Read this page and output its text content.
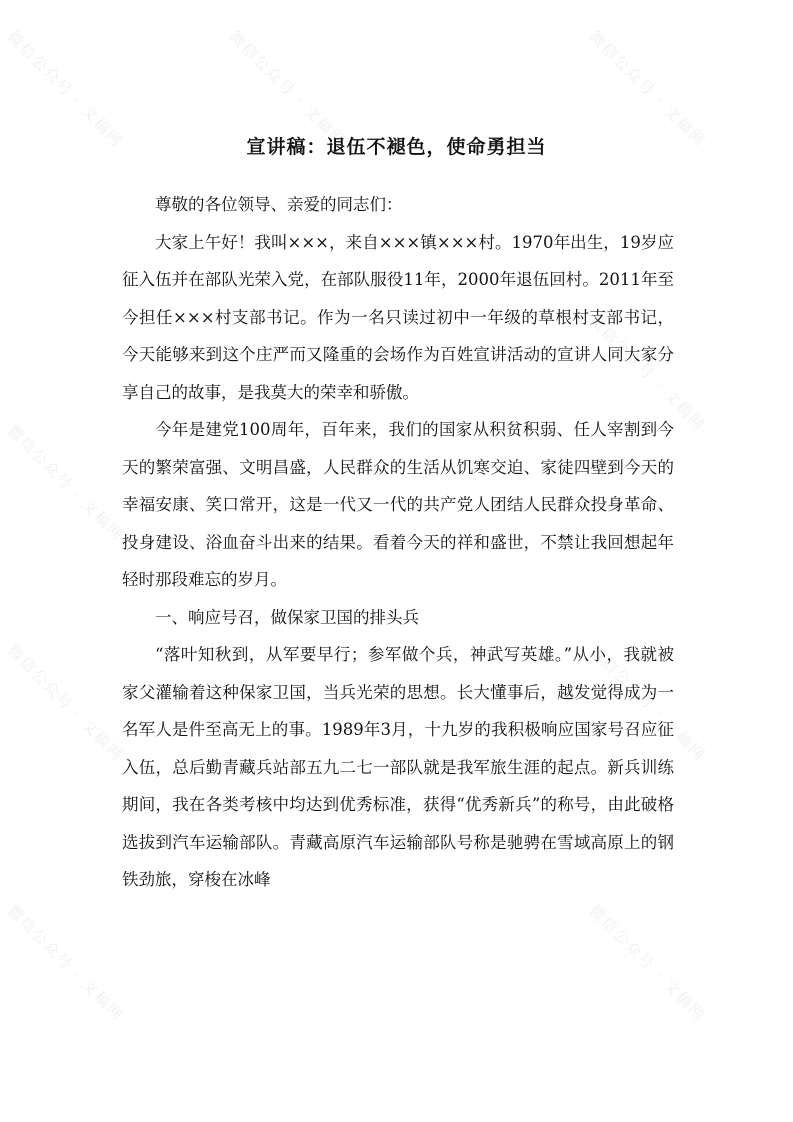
微信公众号 · 文稿网	微信公众号 · 文稿网	微信公众号 · 文稿网
微信公众号 · 文稿网
微信公众号 · 文稿网
微信公众号 · 文稿网	微信公众号 · 文稿网
微信公众号 · 文稿网	微信公众号 · 文稿网
宣讲稿：退伍不褪色，使命勇担当

尊敬的各位领导、亲爱的同志们：

大家上午好！我叫×××，来自×××镇×××村。1970年出生，19岁应征入伍并在部队光荣入党，在部队服役11年，2000年退伍回村。2011年至今担任×××村支部书记。作为一名只读过初中一年级的草根村支部书记，今天能够来到这个庄严而又隆重的会场作为百姓宣讲活动的宣讲人同大家分享自己的故事，是我莫大的荣幸和骄傲。

今年是建党100周年，百年来，我们的国家从积贫积弱、任人宰割到今天的繁荣富强、文明昌盛，人民群众的生活从饥寒交迫、家徒四壁到今天的幸福安康、笑口常开，这是一代又一代的共产党人团结人民群众投身革命、投身建设、浴血奋斗出来的结果。看着今天的祥和盛世，不禁让我回想起年轻时那段难忘的岁月。

一、响应号召，做保家卫国的排头兵

“落叶知秋到，从军要早行；参军做个兵，神武写英雄。”从小，我就被家父灌输着这种保家卫国，当兵光荣的思想。长大懂事后，越发觉得成为一名军人是件至高无上的事。1989年3月，十九岁的我积极响应国家号召应征入伍，总后勤青藏兵站部五九二七一部队就是我军旅生涯的起点。新兵训练期间，我在各类考核中均达到优秀标准，获得“优秀新兵”的称号，由此破格选拔到汽车运输部队。青藏高原汽车运输部队号称是驰骋在雪域高原上的钢铁劲旅，穿梭在冰峰
